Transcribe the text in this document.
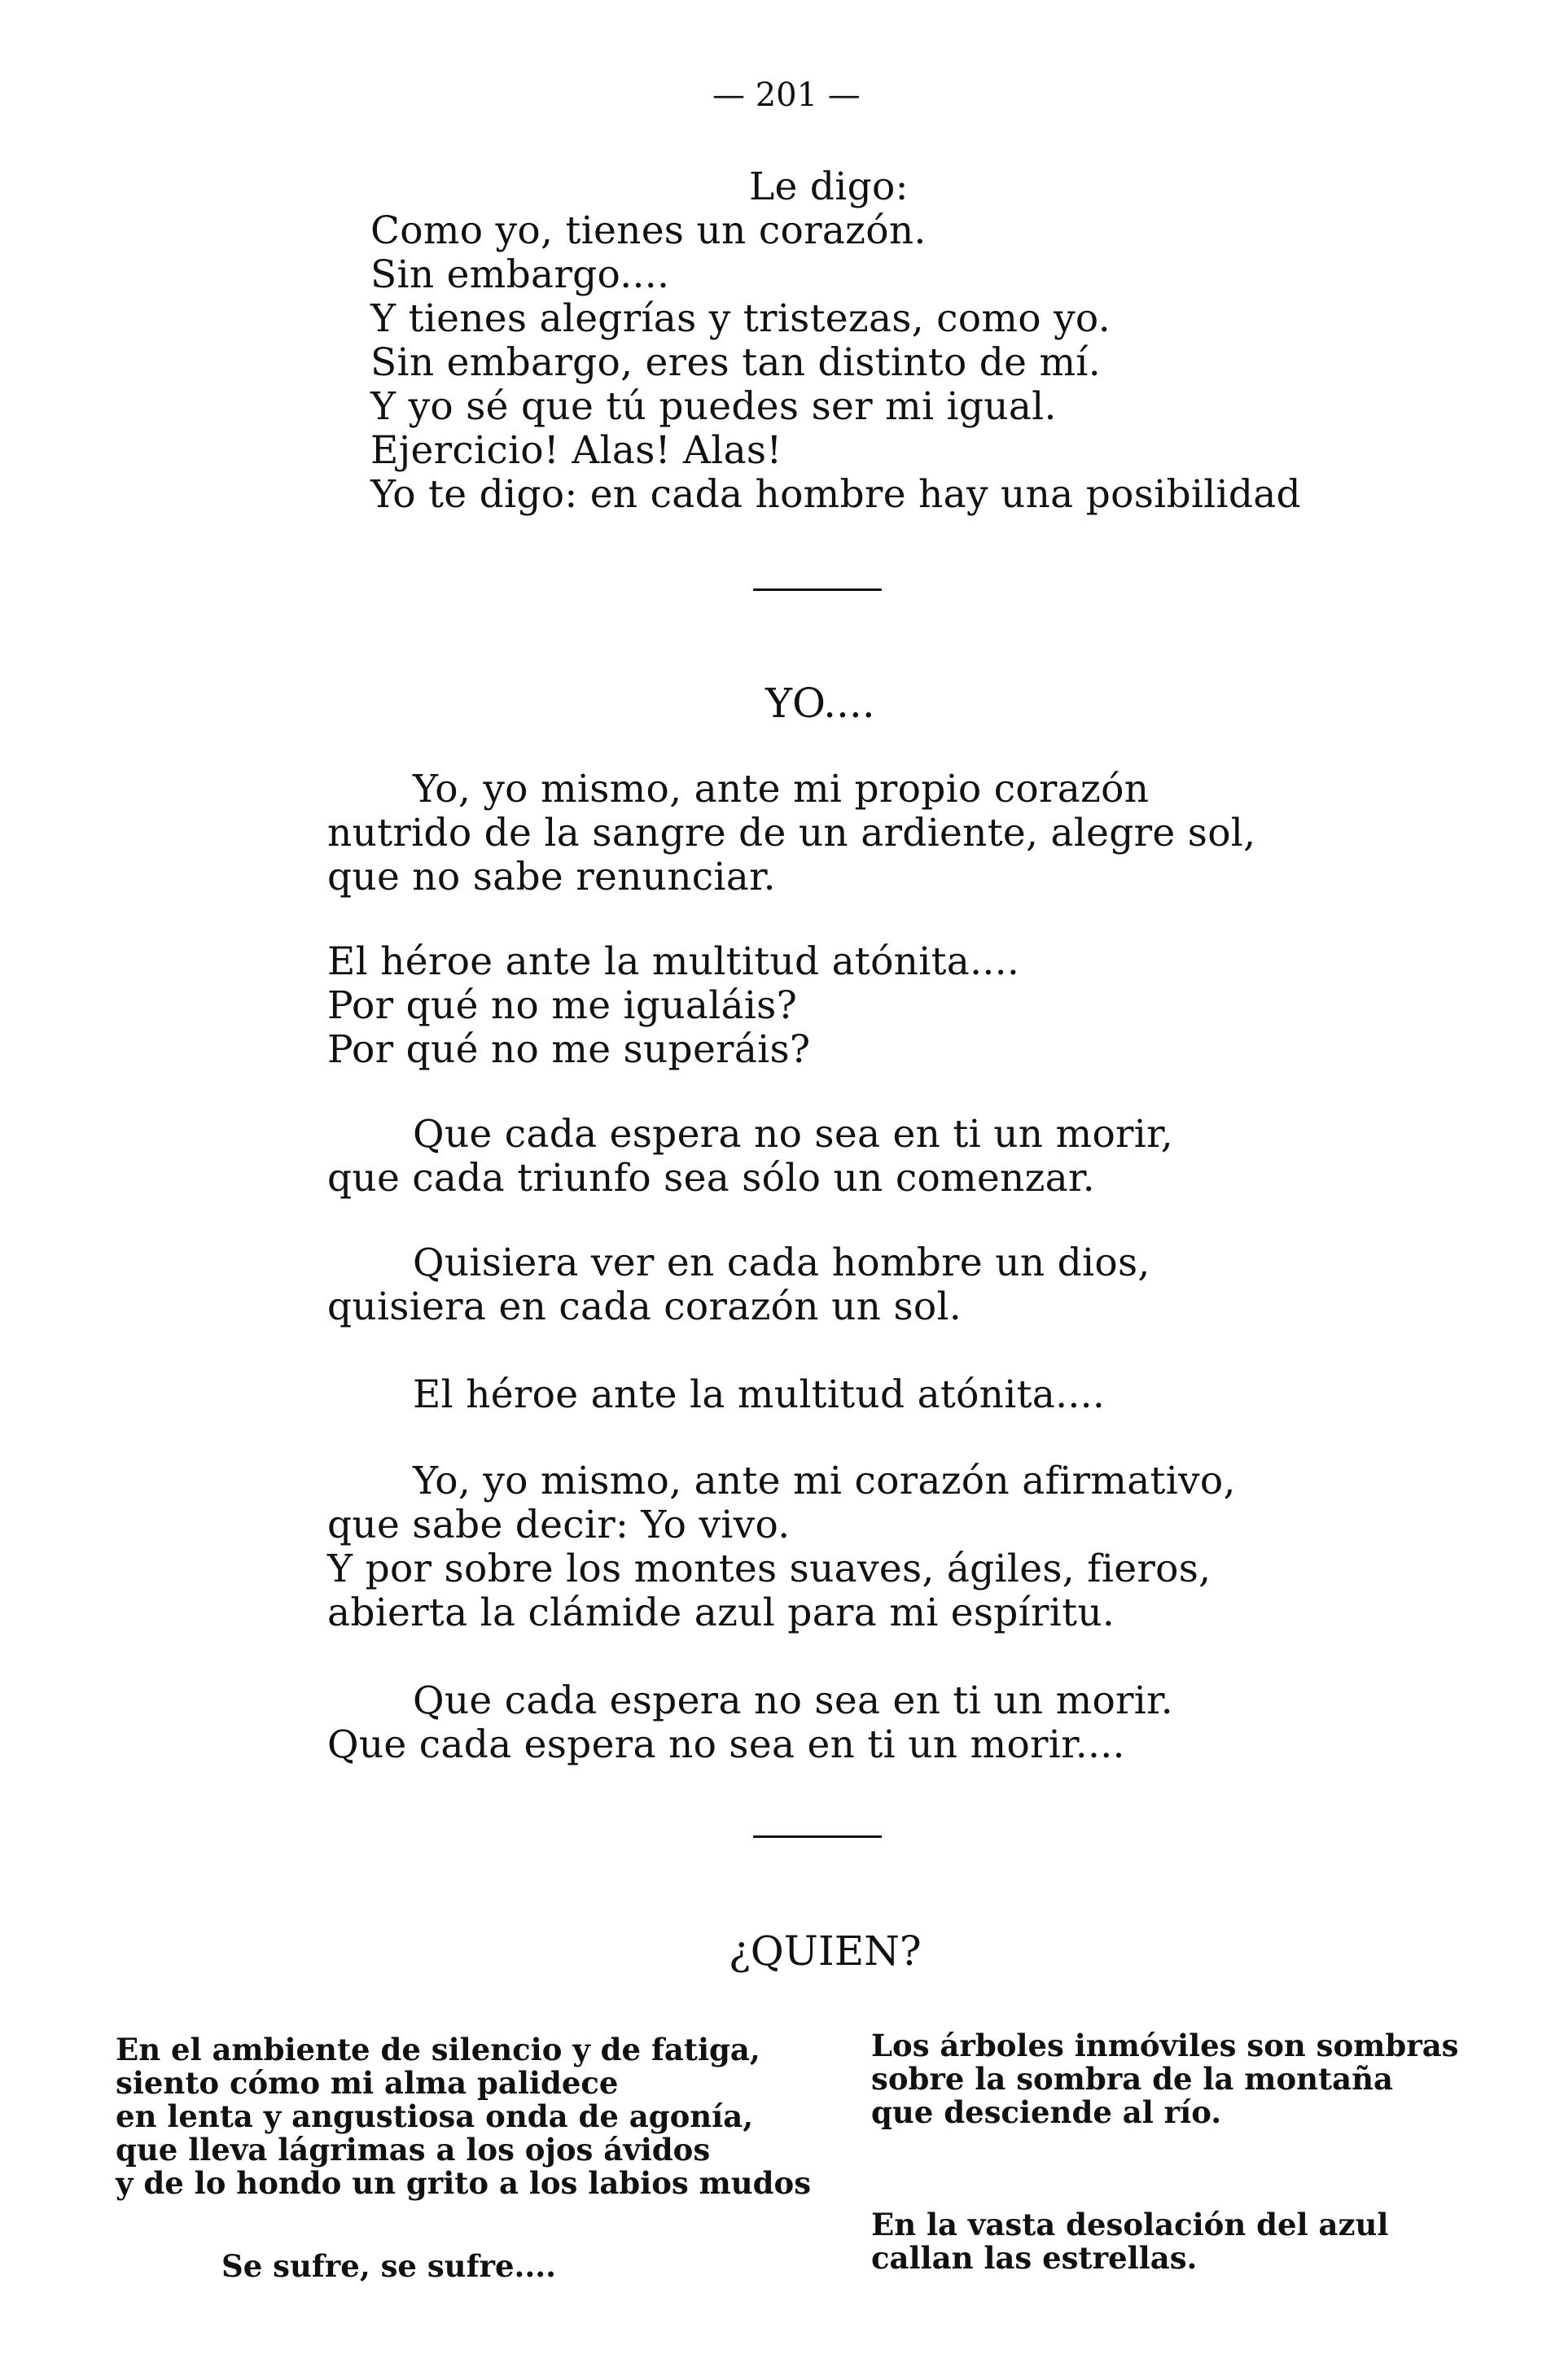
— 201 —
Le digo:
Como yo, tienes un corazón.
Sin embargo....
Y tienes alegrías y tristezas, como yo.
Sin embargo, eres tan distinto de mí.
Y yo sé que tú puedes ser mi igual.
Ejercicio! Alas! Alas!
Yo te digo: en cada hombre hay una posibilidad
YO....
Yo, yo mismo, ante mi propio corazón
nutrido de la sangre de un ardiente, alegre sol,
que no sabe renunciar.
El héroe ante la multitud atónita....
Por qué no me igualáis?
Por qué no me superáis?
Que cada espera no sea en ti un morir,
que cada triunfo sea sólo un comenzar.
Quisiera ver en cada hombre un dios,
quisiera en cada corazón un sol.
El héroe ante la multitud atónita....
Yo, yo mismo, ante mi corazón afirmativo,
que sabe decir: Yo vivo.
Y por sobre los montes suaves, ágiles, fieros,
abierta la clámide azul para mi espíritu.
Que cada espera no sea en ti un morir.
Que cada espera no sea en ti un morir....
¿QUIEN?
En el ambiente de silencio y de fatiga,
siento cómo mi alma palidece
en lenta y angustiosa onda de agonía,
que lleva lágrimas a los ojos ávidos
y de lo hondo un grito a los labios mudos
Se sufre, se sufre....
Los árboles inmóviles son sombras
sobre la sombra de la montaña
que desciende al río.
En la vasta desolación del azul
callan las estrellas.
